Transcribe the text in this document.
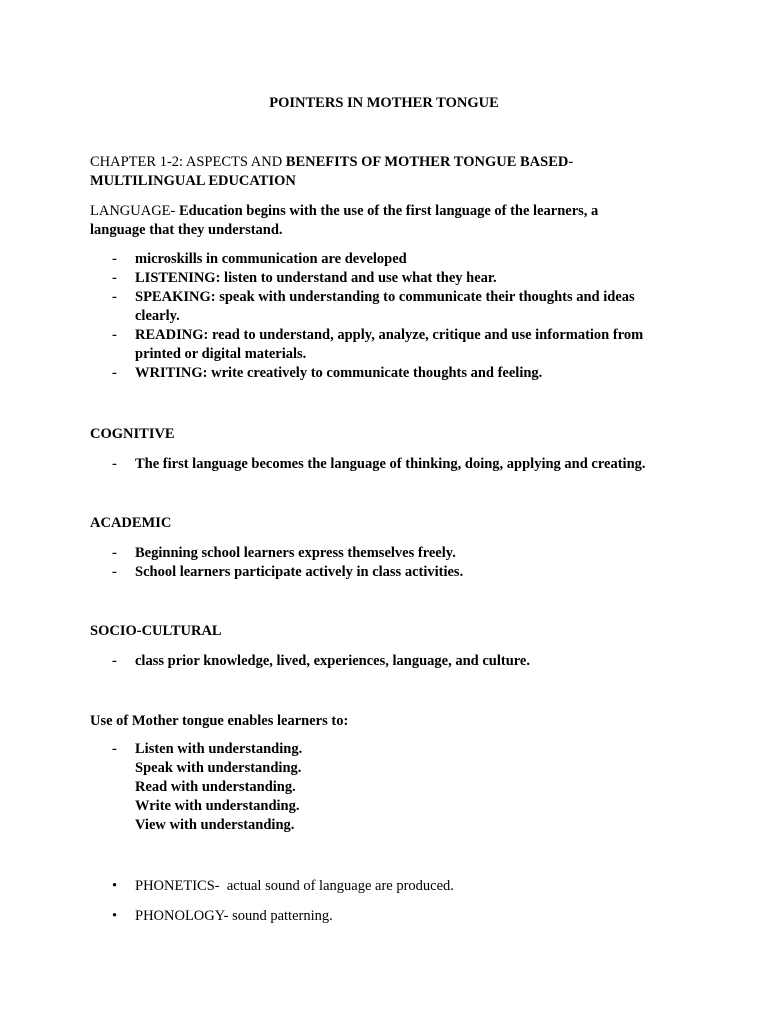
POINTERS IN MOTHER TONGUE
CHAPTER 1-2: ASPECTS AND BENEFITS OF MOTHER TONGUE BASED-
MULTILINGUAL EDUCATION
LANGUAGE- Education begins with the use of the first language of the learners, a
language that they understand.
- microskills in communication are developed
- LISTENING: listen to understand and use what they hear.
- SPEAKING: speak with understanding to communicate their thoughts and ideas
clearly.
- READING: read to understand, apply, analyze, critique and use information from
printed or digital materials.
- WRITING: write creatively to communicate thoughts and feeling.
COGNITIVE
- The first language becomes the language of thinking, doing, applying and creating.
ACADEMIC
- Beginning school learners express themselves freely.
- School learners participate actively in class activities.
SOCIO-CULTURAL
- class prior knowledge, lived, experiences, language, and culture.
Use of Mother tongue enables learners to:
- Listen with understanding.
Speak with understanding.
Read with understanding.
Write with understanding.
View with understanding.
• PHONETICS-  actual sound of language are produced.
• PHONOLOGY- sound patterning.
